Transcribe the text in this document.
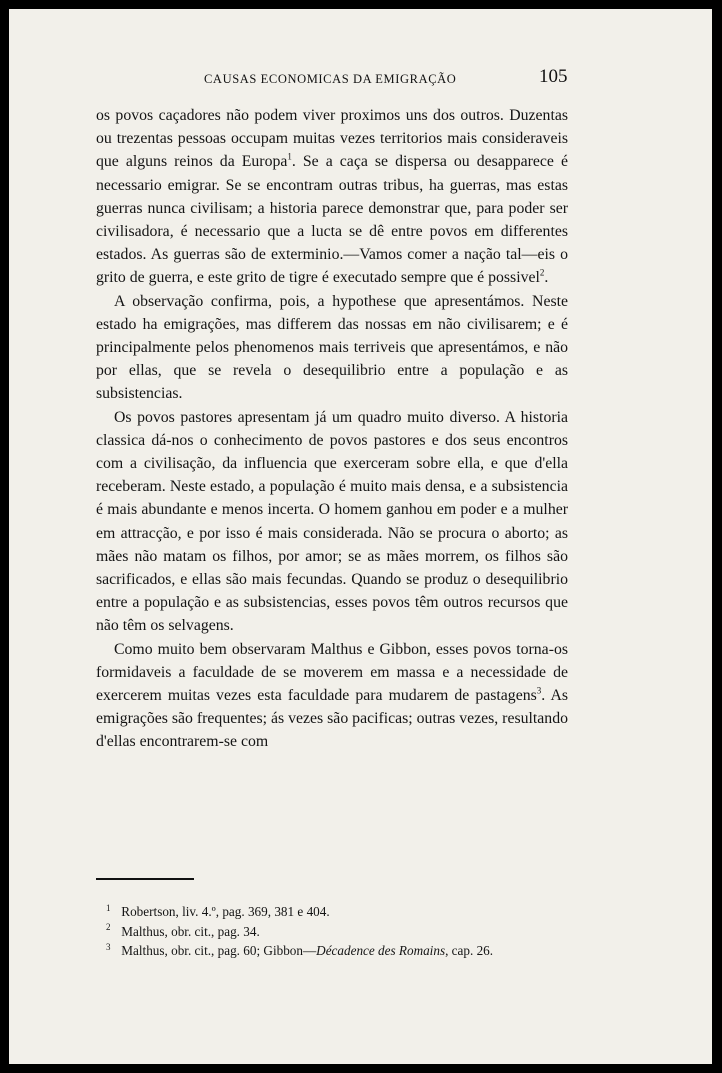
CAUSAS ECONOMICAS DA EMIGRAÇÃO	105

os povos caçadores não podem viver proximos uns dos outros. Duzentas ou trezentas pessoas occupam muitas vezes territorios mais consideraveis que alguns reinos da Europa$^1$. Se a caça se dispersa ou desapparece é necessario emigrar. Se se encontram outras tribus, ha guerras, mas estas guerras nunca civilisam; a historia parece demonstrar que, para poder ser civilisadora, é necessario que a lucta se dê entre povos em differentes estados. As guerras são de exterminio.—Vamos comer a nação tal—eis o grito de guerra, e este grito de tigre é executado sempre que é possivel$^2$.

A observação confirma, pois, a hypothese que apresentámos. Neste estado ha emigrações, mas differem das nossas em não civilisarem; e é principalmente pelos phenomenos mais terriveis que apresentámos, e não por ellas, que se revela o desequilibrio entre a população e as subsistencias.

Os povos pastores apresentam já um quadro muito diverso. A historia classica dá-nos o conhecimento de povos pastores e dos seus encontros com a civilisação, da influencia que exerceram sobre ella, e que d'ella receberam. Neste estado, a população é muito mais densa, e a subsistencia é mais abundante e menos incerta. O homem ganhou em poder e a mulher em attracção, e por isso é mais considerada. Não se procura o aborto; as mães não matam os filhos, por amor; se as mães morrem, os filhos são sacrificados, e ellas são mais fecundas. Quando se produz o desequilibrio entre a população e as subsistencias, esses povos têm outros recursos que não têm os selvagens.

Como muito bem observaram Malthus e Gibbon, esses povos torna-os formidaveis a faculdade de se moverem em massa e a necessidade de exercerem muitas vezes esta faculdade para mudarem de pastagens$^3$. As emigrações são frequentes; ás vezes são pacificas; outras vezes, resultando d'ellas encontrarem-se com

$^1$ Robertson, liv. 4.º, pag. 369, 381 e 404.
$^2$ Malthus, obr. cit., pag. 34.
$^3$ Malthus, obr. cit., pag. 60; Gibbon—Décadence des Romains, cap. 26.
